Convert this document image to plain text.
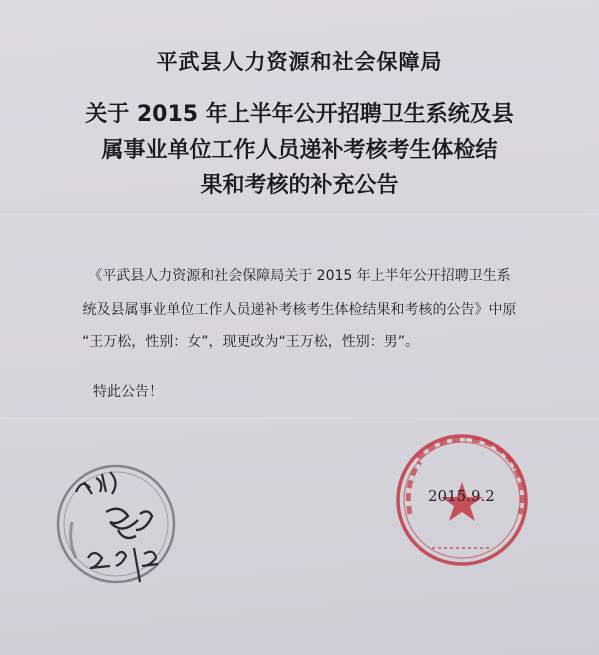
平武县人力资源和社会保障局
关于 2015 年上半年公开招聘卫生系统及县
属事业单位工作人员递补考核考生体检结
果和考核的补充公告
《平武县人力资源和社会保障局关于 2015 年上半年公开招聘卫生系
统及县属事业单位工作人员递补考核考生体检结果和考核的公告》中原
“王万松，性别：女”，现更改为“王万松，性别：男”。
特此公告！
2015.9.2
